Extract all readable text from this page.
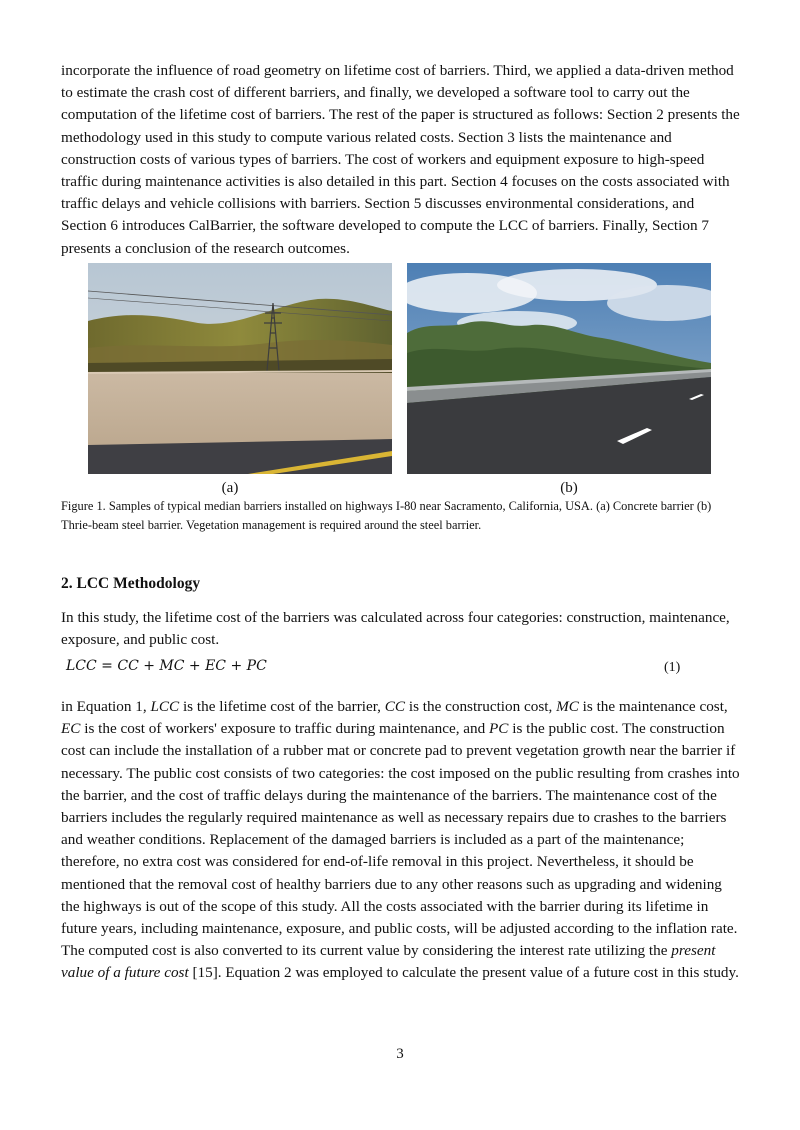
incorporate the influence of road geometry on lifetime cost of barriers. Third, we applied a data-driven method to estimate the crash cost of different barriers, and finally, we developed a software tool to carry out the computation of the lifetime cost of barriers. The rest of the paper is structured as follows: Section 2 presents the methodology used in this study to compute various related costs. Section 3 lists the maintenance and construction costs of various types of barriers. The cost of workers and equipment exposure to high-speed traffic during maintenance activities is also detailed in this part. Section 4 focuses on the costs associated with traffic delays and vehicle collisions with barriers. Section 5 discusses environmental considerations, and Section 6 introduces CalBarrier, the software developed to compute the LCC of barriers. Finally, Section 7 presents a conclusion of the research outcomes.

(a)	(b)

Figure 1. Samples of typical median barriers installed on highways I-80 near Sacramento, California, USA. (a) Concrete barrier (b) Thrie-beam steel barrier. Vegetation management is required around the steel barrier.

2. LCC Methodology

In this study, the lifetime cost of the barriers was calculated across four categories: construction, maintenance, exposure, and public cost.

LCC = CC + MC + EC + PC	(1)

in Equation 1, LCC is the lifetime cost of the barrier, CC is the construction cost, MC is the maintenance cost, EC is the cost of workers' exposure to traffic during maintenance, and PC is the public cost. The construction cost can include the installation of a rubber mat or concrete pad to prevent vegetation growth near the barrier if necessary. The public cost consists of two categories: the cost imposed on the public resulting from crashes into the barrier, and the cost of traffic delays during the maintenance of the barriers. The maintenance cost of the barriers includes the regularly required maintenance as well as necessary repairs due to crashes to the barriers and weather conditions. Replacement of the damaged barriers is included as a part of the maintenance; therefore, no extra cost was considered for end-of-life removal in this project. Nevertheless, it should be mentioned that the removal cost of healthy barriers due to any other reasons such as upgrading and widening the highways is out of the scope of this study. All the costs associated with the barrier during its lifetime in future years, including maintenance, exposure, and public costs, will be adjusted according to the inflation rate. The computed cost is also converted to its current value by considering the interest rate utilizing the present value of a future cost [15]. Equation 2 was employed to calculate the present value of a future cost in this study.

3
